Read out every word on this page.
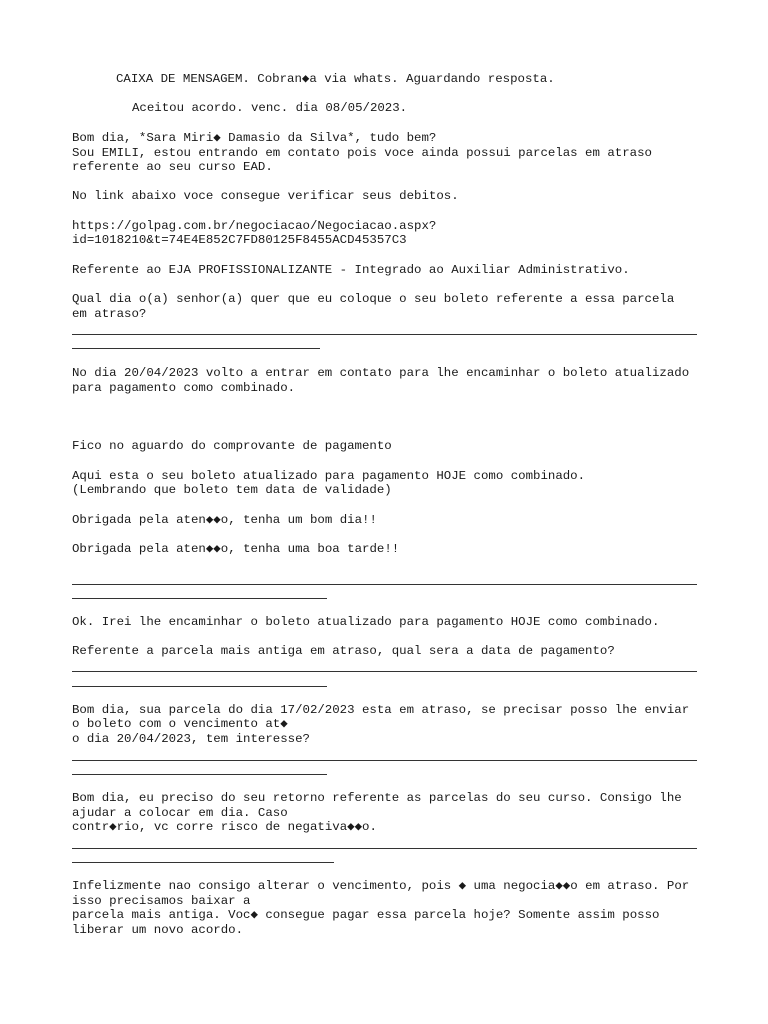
CAIXA DE MENSAGEM. Cobran◆a via whats. Aguardando resposta.

Aceitou acordo. venc. dia 08/05/2023.

Bom dia, *Sara Miri◆ Damasio da Silva*, tudo bem?

Sou EMILI, estou entrando em contato pois voce ainda possui parcelas em atraso

referente ao seu curso EAD.

No link abaixo voce consegue verificar seus debitos.

https://golpag.com.br/negociacao/Negociacao.aspx?

id=1018210&t=74E4E852C7FD80125F8455ACD45357C3

Referente ao EJA PROFISSIONALIZANTE - Integrado ao Auxiliar Administrativo.

Qual dia o(a) senhor(a) quer que eu coloque o seu boleto referente a essa parcela

em atraso?

No dia 20/04/2023 volto a entrar em contato para lhe encaminhar o boleto atualizado

para pagamento como combinado.

Fico no aguardo do comprovante de pagamento

Aqui esta o seu boleto atualizado para pagamento HOJE como combinado.

(Lembrando que boleto tem data de validade)

Obrigada pela aten◆◆o, tenha um bom dia!!

Obrigada pela aten◆◆o, tenha uma boa tarde!!

Ok. Irei lhe encaminhar o boleto atualizado para pagamento HOJE como combinado.

Referente a parcela mais antiga em atraso, qual sera a data de pagamento?

Bom dia, sua parcela do dia 17/02/2023 esta em atraso, se precisar posso lhe enviar

o boleto com o vencimento at◆

o dia 20/04/2023, tem interesse?

Bom dia, eu preciso do seu retorno referente as parcelas do seu curso. Consigo lhe

ajudar a colocar em dia. Caso

contr◆rio, vc corre risco de negativa◆◆o.

Infelizmente nao consigo alterar o vencimento, pois ◆ uma negocia◆◆o em atraso. Por

isso precisamos baixar a

parcela mais antiga. Voc◆ consegue pagar essa parcela hoje? Somente assim posso

liberar um novo acordo.
